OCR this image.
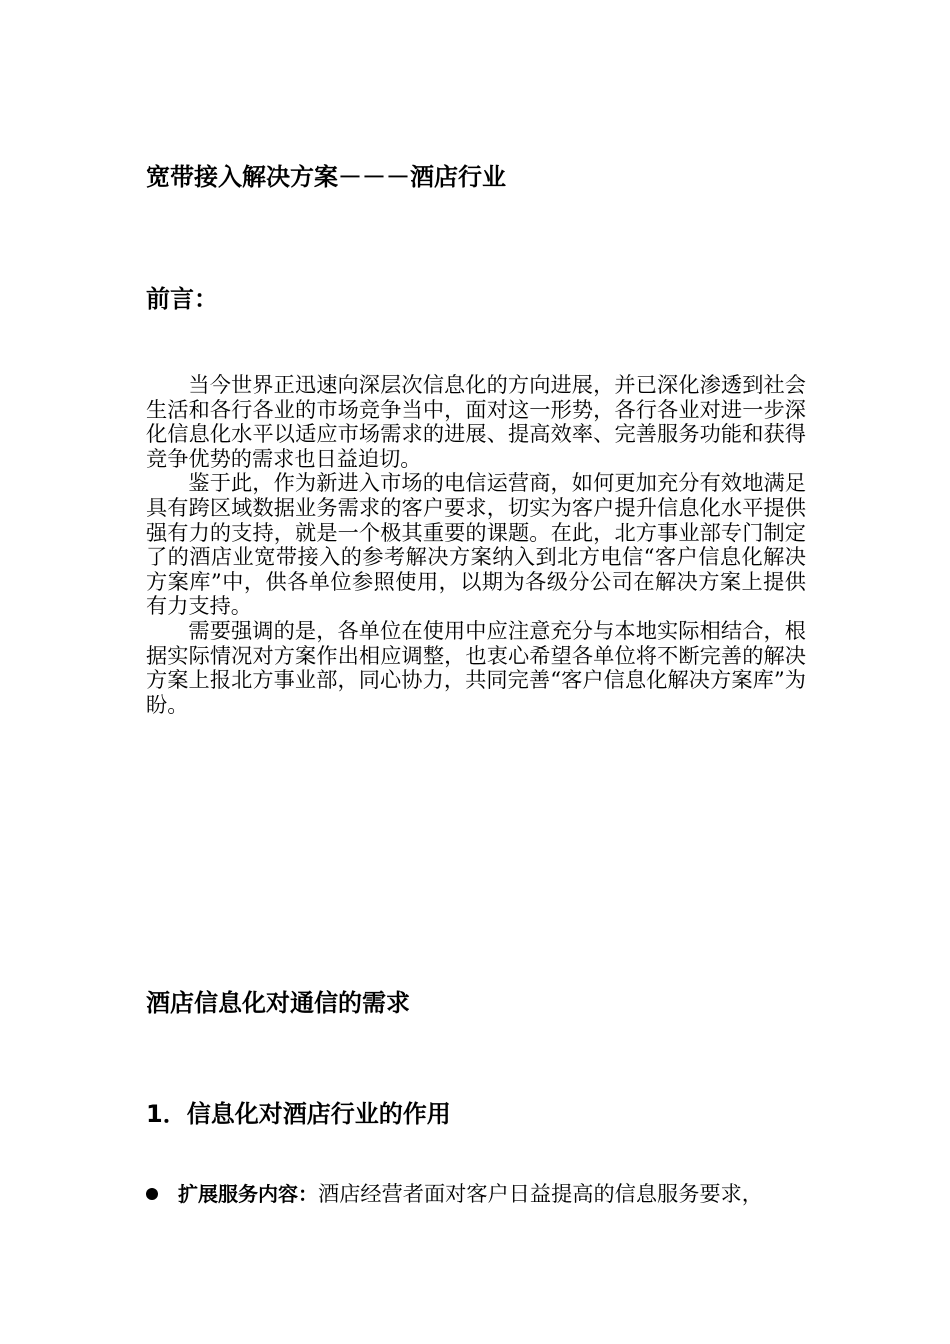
宽带接入解决方案－－－酒店行业
前言：

当今世界正迅速向深层次信息化的方向进展，并已深化渗透到社会生活和各行各业的市场竞争当中，面对这一形势，各行各业对进一步深化信息化水平以适应市场需求的进展、提高效率、完善服务功能和获得竞争优势的需求也日益迫切。

鉴于此，作为新进入市场的电信运营商，如何更加充分有效地满足具有跨区域数据业务需求的客户要求，切实为客户提升信息化水平提供强有力的支持，就是一个极其重要的课题。在此，北方事业部专门制定了的酒店业宽带接入的参考解决方案纳入到北方电信“客户信息化解决方案库”中，供各单位参照使用，以期为各级分公司在解决方案上提供有力支持。

需要强调的是，各单位在使用中应注意充分与本地实际相结合，根据实际情况对方案作出相应调整，也衷心希望各单位将不断完善的解决方案上报北方事业部，同心协力，共同完善“客户信息化解决方案库”为盼。

酒店信息化对通信的需求
1．信息化对酒店行业的作用
扩展服务内容：酒店经营者面对客户日益提高的信息服务要求，
